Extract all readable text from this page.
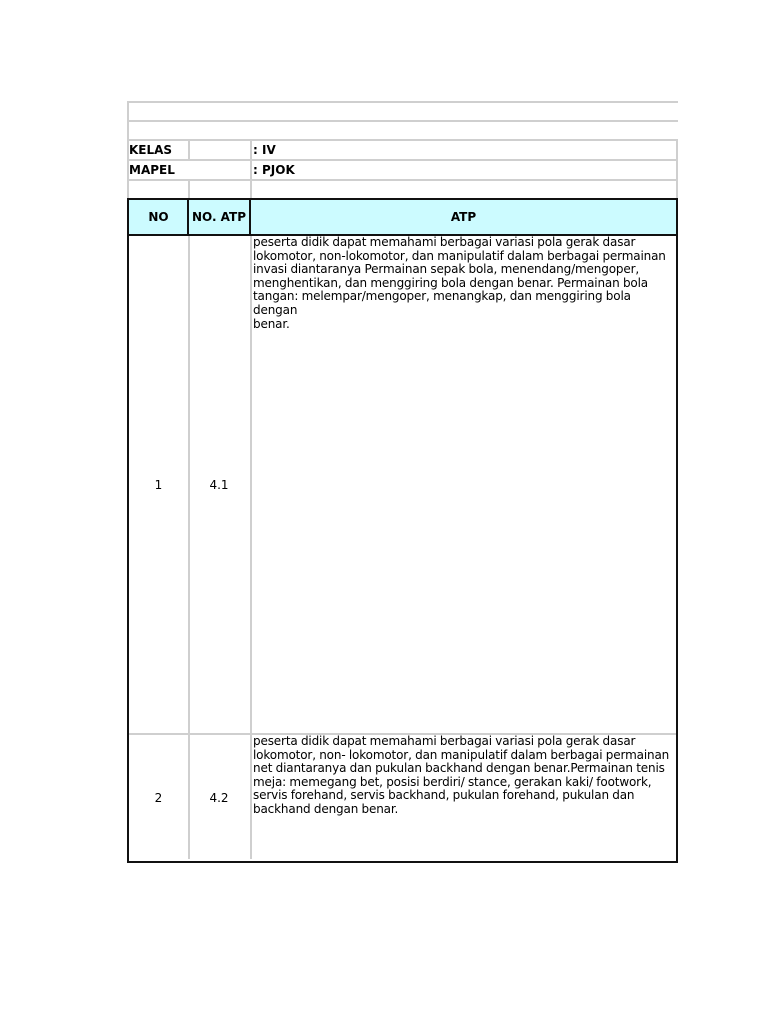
KELAS	: IV
MAPEL	: PJOK
NO	NO. ATP	ATP
1	4.1
peserta didik dapat memahami berbagai variasi pola gerak dasar
lokomotor, non-lokomotor, dan manipulatif dalam berbagai permainan
invasi diantaranya Permainan sepak bola, menendang/mengoper,
menghentikan, dan menggiring bola dengan benar. Permainan bola
tangan: melempar/mengoper, menangkap, dan menggiring bola dengan
benar.
2	4.2
peserta didik dapat memahami berbagai variasi pola gerak dasar
lokomotor, non- lokomotor, dan manipulatif dalam berbagai permainan
net diantaranya dan pukulan backhand dengan benar.Permainan tenis
meja: memegang bet, posisi berdiri/ stance, gerakan kaki/ footwork,
servis forehand, servis backhand, pukulan forehand, pukulan dan
backhand dengan benar.
